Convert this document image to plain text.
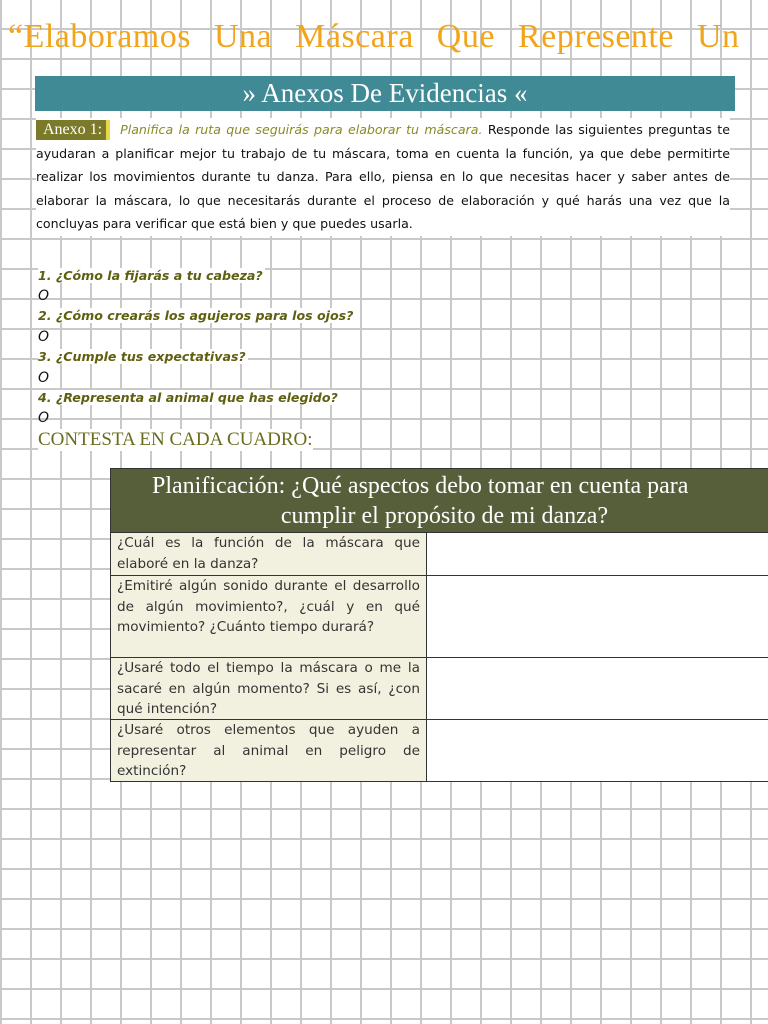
“Elaboramos Una Máscara Que Represente Un
» Anexos De Evidencias «
Anexo 1: Planifica la ruta que seguirás para elaborar tu máscara. Responde las siguientes preguntas te ayudaran a planificar mejor tu trabajo de tu máscara, toma en cuenta la función, ya que debe permitirte realizar los movimientos durante tu danza. Para ello, piensa en lo que necesitas hacer y saber antes de elaborar la máscara, lo que necesitarás durante el proceso de elaboración y qué harás una vez que la concluyas para verificar que está bien y que puedes usarla.
1. ¿Cómo la fijarás a tu cabeza?
O
2. ¿Cómo crearás los agujeros para los ojos?
O
3. ¿Cumple tus expectativas?
O
4. ¿Representa al animal que has elegido?
O
CONTESTA EN CADA CUADRO:
Planificación: ¿Qué aspectos debo tomar en cuenta para
cumplir el propósito de mi danza?
¿Cuál es la función de la máscara que elaboré en la danza?
¿Emitiré algún sonido durante el desarrollo de algún movimiento?, ¿cuál y en qué movimiento? ¿Cuánto tiempo durará?
¿Usaré todo el tiempo la máscara o me la sacaré en algún momento? Si es así, ¿con qué intención?
¿Usaré otros elementos que ayuden a representar al animal en peligro de extinción?
